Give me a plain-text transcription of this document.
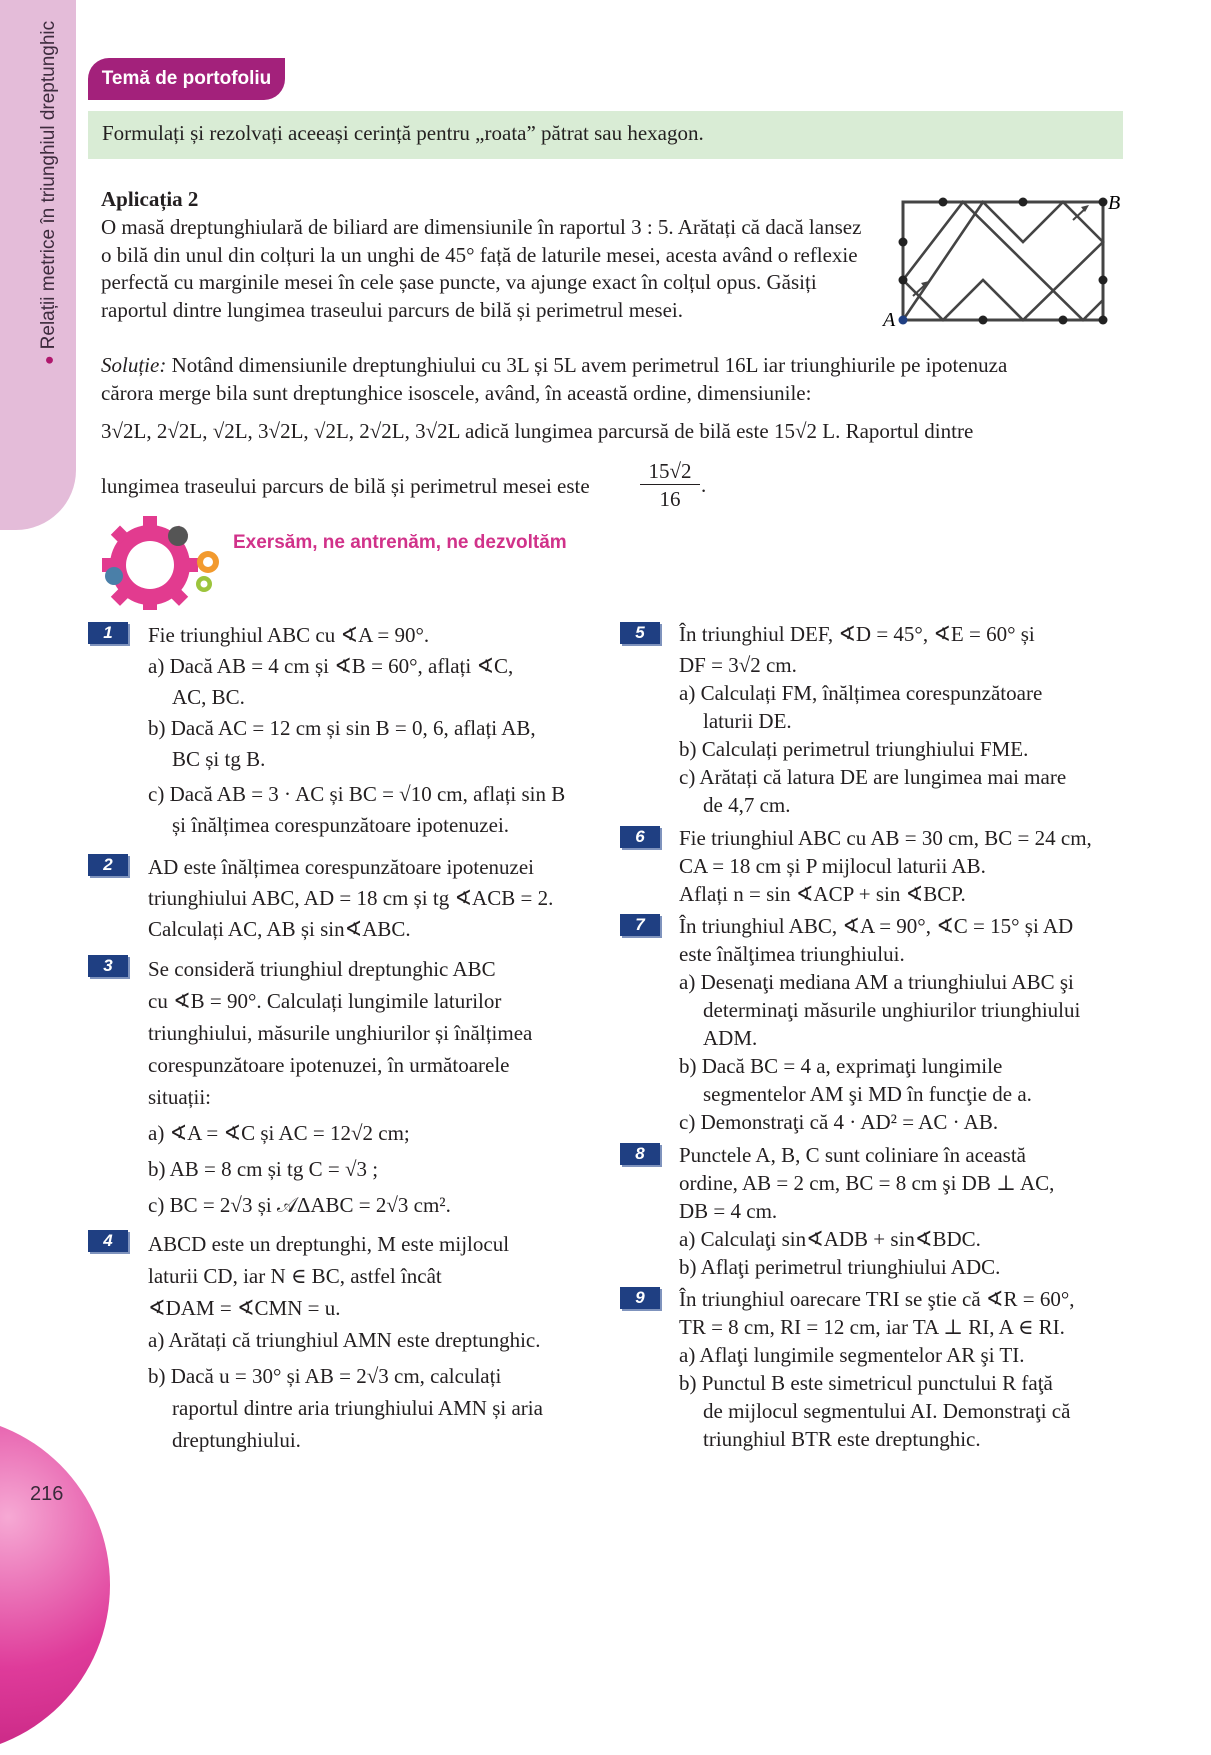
●Relații metrice în triunghiul dreptunghic
216
Temă de portofoliu
Formulați și rezolvați aceeași cerință pentru „roata” pătrat sau hexagon.
Aplicația 2
O masă dreptunghiulară de biliard are dimensiunile în raportul 3 : 5. Arătați că dacă lansez o bilă din unul din colțuri la un unghi de 45° față de laturile mesei, acesta având o reflexie perfectă cu marginile mesei în cele șase puncte, va ajunge exact în colțul opus. Găsiți raportul dintre lungimea traseului parcurs de bilă și perimetrul mesei.	A
B
Soluție: Notând dimensiunile dreptunghiului cu 3L și 5L avem perimetrul 16L iar triunghiurile pe ipotenuza cărora merge bila sunt dreptunghice isoscele, având, în această ordine, dimensiunile:
3√2L, 2√2L, √2L, 3√2L, √2L, 2√2L, 3√2L adică lungimea parcursă de bilă este 15√2 L. Raportul dintre
lungimea traseului parcurs de bilă și perimetrul mesei este $\frac{15√2}{16}$ .
Exersăm, ne antrenăm, ne dezvoltăm
1	Fie triunghiul ABC cu ∢A = 90°.
a) Dacă AB = 4 cm și ∢B = 60°, aflați ∢C,
AC, BC.
b) Dacă AC = 12 cm și sin B = 0, 6, aflați AB,
BC și tg B.
c) Dacă AB = 3 · AC și BC = √10 cm, aflați sin B
și înălțimea corespunzătoare ipotenuzei.
2	AD este înălțimea corespunzătoare ipotenuzei
triunghiului ABC, AD = 18 cm și tg ∢ACB = 2.
Calculați AC, AB și sin∢ABC.
3	Se consideră triunghiul dreptunghic ABC
cu ∢B = 90°. Calculați lungimile laturilor
triunghiului, măsurile unghiurilor și înălțimea
corespunzătoare ipotenuzei, în următoarele
situații:
a) ∢A = ∢C și AC = 12√2 cm;
b) AB = 8 cm și tg C = √3 ;
c) BC = 2√3 și 𝒜ΔABC = 2√3 cm².
4	ABCD este un dreptunghi, M este mijlocul
laturii CD, iar N ∈ BC, astfel încât
∢DAM = ∢CMN = u.
a) Arătați că triunghiul AMN este dreptunghic.
b) Dacă u = 30° și AB = 2√3 cm, calculați
raportul dintre aria triunghiului AMN și aria
dreptunghiului.
5	În triunghiul DEF, ∢D = 45°, ∢E = 60° și
DF = 3√2 cm.
a) Calculați FM, înălțimea corespunzătoare
laturii DE.
b) Calculați perimetrul triunghiului FME.
c) Arătați că latura DE are lungimea mai mare
de 4,7 cm.
6	Fie triunghiul ABC cu AB = 30 cm, BC = 24 cm,
CA = 18 cm și P mijlocul laturii AB.
Aflați n = sin ∢ACP + sin ∢BCP.
7	În triunghiul ABC, ∢A = 90°, ∢C = 15° și AD
este înălţimea triunghiului.
a) Desenaţi mediana AM a triunghiului ABC şi
determinaţi măsurile unghiurilor triunghiului
ADM.
b) Dacă BC = 4 a, exprimaţi lungimile
segmentelor AM şi MD în funcţie de a.
c) Demonstraţi că 4 · AD² = AC · AB.
8	Punctele A, B, C sunt coliniare în această
ordine, AB = 2 cm, BC = 8 cm şi DB ⊥ AC,
DB = 4 cm.
a) Calculaţi sin∢ADB + sin∢BDC.
b) Aflaţi perimetrul triunghiului ADC.
9	În triunghiul oarecare TRI se ştie că ∢R = 60°,
TR = 8 cm, RI = 12 cm, iar TA ⊥ RI, A ∈ RI.
a) Aflaţi lungimile segmentelor AR şi TI.
b) Punctul B este simetricul punctului R faţă
de mijlocul segmentului AI. Demonstraţi că
triunghiul BTR este dreptunghic.
